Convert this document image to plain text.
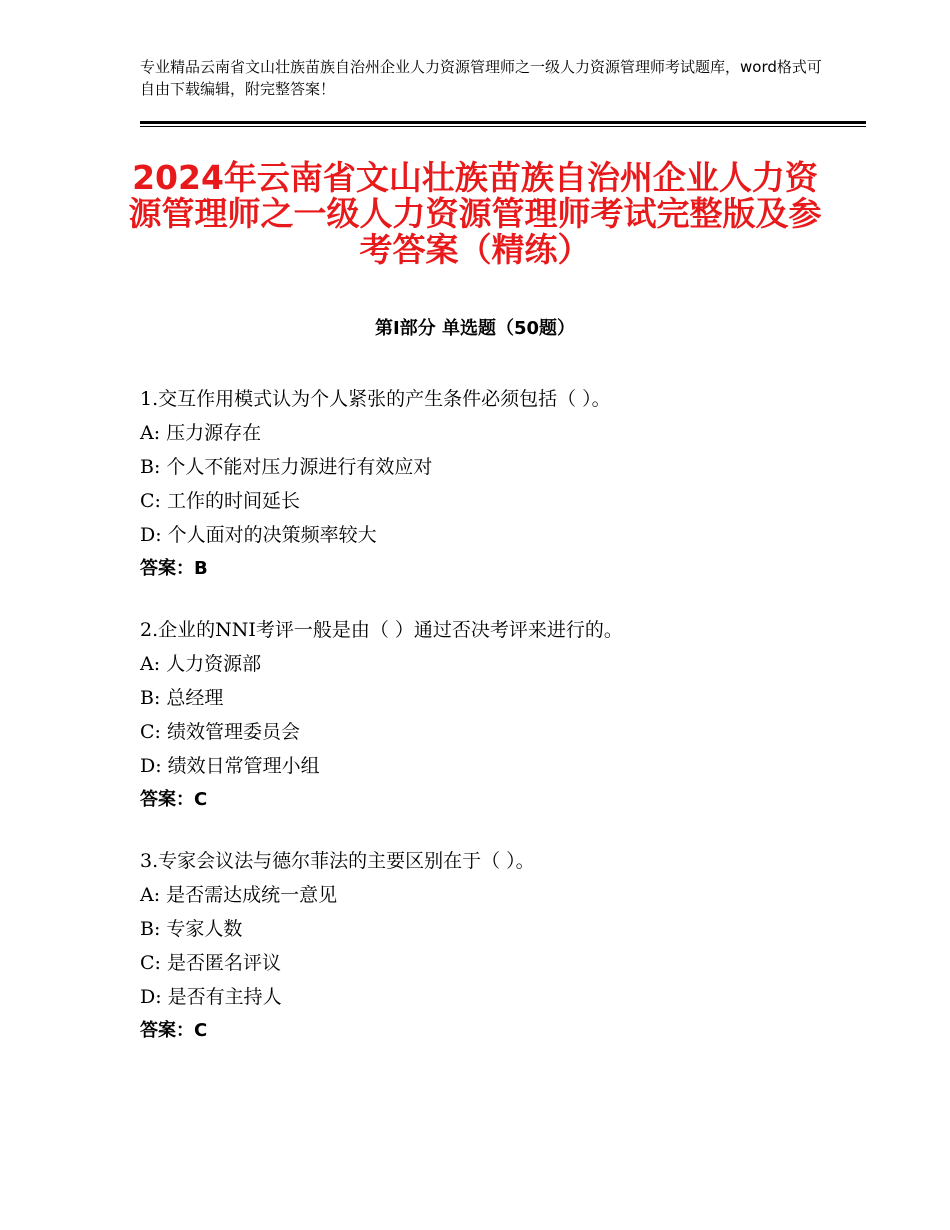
专业精品云南省文山壮族苗族自治州企业人力资源管理师之一级人力资源管理师考试题库，word格式可自由下载编辑，附完整答案！
2024年云南省文山壮族苗族自治州企业人力资源管理师之一级人力资源管理师考试完整版及参考答案（精练）
第Ⅰ部分 单选题（50题）
1.交互作用模式认为个人紧张的产生条件必须包括（ ）。
A: 压力源存在
B: 个人不能对压力源进行有效应对
C: 工作的时间延长
D: 个人面对的决策频率较大
答案：B
2.企业的NNI考评一般是由（ ）通过否决考评来进行的。
A: 人力资源部
B: 总经理
C: 绩效管理委员会
D: 绩效日常管理小组
答案：C
3.专家会议法与德尔菲法的主要区别在于（ ）。
A: 是否需达成统一意见
B: 专家人数
C: 是否匿名评议
D: 是否有主持人
答案：C
